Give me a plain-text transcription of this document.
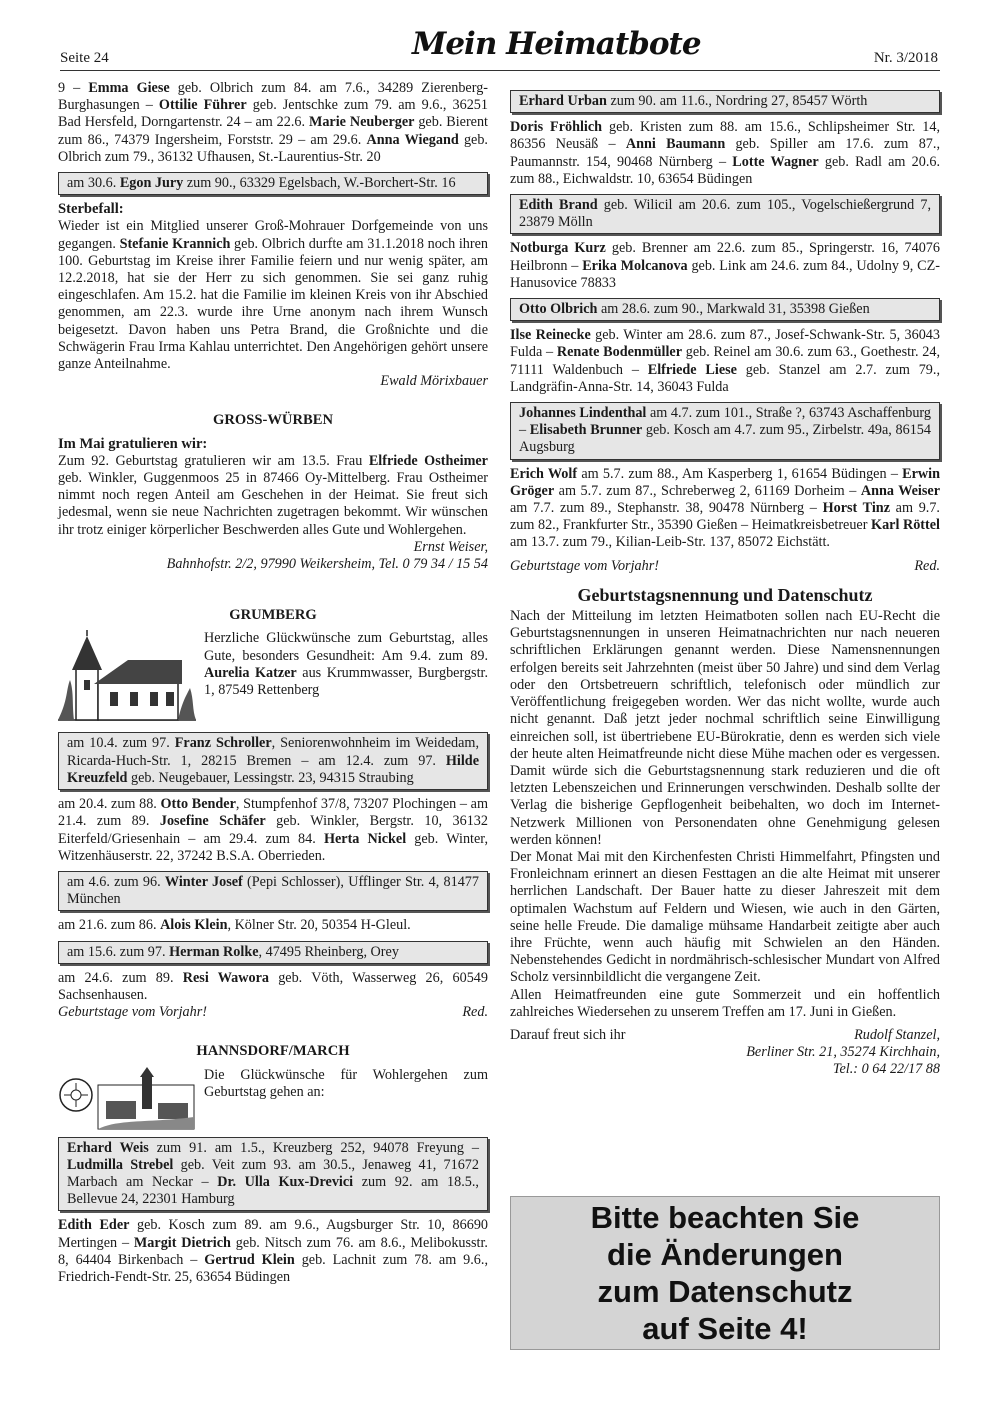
Seite 24	Mein Heimatbote	Nr. 3/2018

9 – Emma Giese geb. Olbrich zum 84. am 7.6., 34289 Zierenberg-Burghasungen – Ottilie Führer geb. Jentschke zum 79. am 9.6., 36251 Bad Hersfeld, Dorngartenstr. 24 – am 22.6. Marie Neuberger geb. Bierent zum 86., 74379 Ingersheim, Forststr. 29 – am 29.6. Anna Wiegand geb. Olbrich zum 79., 36132 Ufhausen, St.-Laurentius-Str. 20

am 30.6. Egon Jury zum 90., 63329 Egelsbach, W.-Borchert-Str. 16
Sterbefall:

Wieder ist ein Mitglied unserer Groß-Mohrauer Dorfgemeinde von uns gegangen. Stefanie Krannich geb. Olbrich durfte am 31.1.2018 noch ihren 100. Geburtstag im Kreise ihrer Familie feiern und nur wenig später, am 12.2.2018, hat sie der Herr zu sich genommen. Sie sei ganz ruhig eingeschlafen. Am 15.2. hat die Familie im kleinen Kreis von ihr Abschied genommen, am 22.3. wurde ihre Urne anonym nach ihrem Wunsch beigesetzt. Davon haben uns Petra Brand, die Großnichte und die Schwägerin Frau Irma Kahlau unterrichtet. Den Angehörigen gehört unsere ganze Anteilnahme.

Ewald Mörixbauer
GROSS-WÜRBEN
Im Mai gratulieren wir:

Zum 92. Geburtstag gratulieren wir am 13.5. Frau Elfriede Ostheimer geb. Winkler, Guggenmoos 25 in 87466 Oy-Mittelberg. Frau Ostheimer nimmt noch regen Anteil am Geschehen in der Heimat. Sie freut sich jedesmal, wenn sie neue Nachrichten zugetragen bekommt. Wir wünschen ihr trotz einiger körperlicher Beschwerden alles Gute und Wohlergehen.

Ernst Weiser,
Bahnhofstr. 2/2, 97990 Weikersheim, Tel. 0 79 34 / 15 54
GRUMBERG

Herzliche Glückwünsche zum Geburtstag, alles Gute, besonders Gesundheit: Am 9.4. zum 89. Aurelia Katzer aus Krummwasser, Burgbergstr. 1, 87549 Rettenberg

am 10.4. zum 97. Franz Schroller, Seniorenwohnheim im Weidedam, Ricarda-Huch-Str. 1, 28215 Bremen – am 12.4. zum 97. Hilde Kreuzfeld geb. Neugebauer, Lessingstr. 23, 94315 Straubing

am 20.4. zum 88. Otto Bender, Stumpfenhof 37/8, 73207 Plochingen – am 21.4. zum 89. Josefine Schäfer geb. Winkler, Bergstr. 10, 36132 Eiterfeld/Griesenhain – am 29.4. zum 84. Herta Nickel geb. Winter, Witzenhäuserstr. 22, 37242 B.S.A. Oberrieden.

am 4.6. zum 96. Winter Josef (Pepi Schlosser), Ufflinger Str. 4, 81477 München

am 21.6. zum 86. Alois Klein, Kölner Str. 20, 50354 H-Gleul.

am 15.6. zum 97. Herman Rolke, 47495 Rheinberg, Orey

am 24.6. zum 89. Resi Wawora geb. Vöth, Wasserweg 26, 60549 Sachsenhausen.

Geburtstage vom Vorjahr!	Red.
HANNSDORF/MARCH

Die Glückwünsche für Wohlergehen zum Geburtstag gehen an:

Erhard Weis zum 91. am 1.5., Kreuzberg 252, 94078 Freyung – Ludmilla Strebel geb. Veit zum 93. am 30.5., Jenaweg 41, 71672 Marbach am Neckar – Dr. Ulla Kux-Drevici zum 92. am 18.5., Bellevue 24, 22301 Hamburg

Edith Eder geb. Kosch zum 89. am 9.6., Augsburger Str. 10, 86690 Mertingen – Margit Dietrich geb. Nitsch zum 76. am 8.6., Melibokusstr. 8, 64404 Birkenbach – Gertrud Klein geb. Lachnit zum 78. am 9.6., Friedrich-Fendt-Str. 25, 63654 Büdingen

Erhard Urban zum 90. am 11.6., Nordring 27, 85457 Wörth

Doris Fröhlich geb. Kristen zum 88. am 15.6., Schlipsheimer Str. 14, 86356 Neusäß – Anni Baumann geb. Spiller am 17.6. zum 87., Paumannstr. 154, 90468 Nürnberg – Lotte Wagner geb. Radl am 20.6. zum 88., Eichwaldstr. 10, 63654 Büdingen

Edith Brand geb. Wilicil am 20.6. zum 105., Vogelschießergrund 7, 23879 Mölln

Notburga Kurz geb. Brenner am 22.6. zum 85., Springerstr. 16, 74076 Heilbronn – Erika Molcanova geb. Link am 24.6. zum 84., Udolny 9, CZ-Hanusovice 78833

Otto Olbrich am 28.6. zum 90., Markwald 31, 35398 Gießen

Ilse Reinecke geb. Winter am 28.6. zum 87., Josef-Schwank-Str. 5, 36043 Fulda – Renate Bodenmüller geb. Reinel am 30.6. zum 63., Goethestr. 24, 71111 Waldenbuch – Elfriede Liese geb. Stanzel am 2.7. zum 79., Landgräfin-Anna-Str. 14, 36043 Fulda

Johannes Lindenthal am 4.7. zum 101., Straße ?, 63743 Aschaffenburg – Elisabeth Brunner geb. Kosch am 4.7. zum 95., Zirbelstr. 49a, 86154 Augsburg

Erich Wolf am 5.7. zum 88., Am Kasperberg 1, 61654 Büdingen – Erwin Gröger am 5.7. zum 87., Schreberweg 2, 61169 Dorheim – Anna Weiser am 7.7. zum 89., Stephanstr. 38, 90478 Nürnberg – Horst Tinz am 9.7. zum 82., Frankfurter Str., 35390 Gießen – Heimatkreisbetreuer Karl Röttel am 13.7. zum 79., Kilian-Leib-Str. 137, 85072 Eichstätt.

Geburtstage vom Vorjahr!	Red.
Geburtstagsnennung und Datenschutz

Nach der Mitteilung im letzten Heimatboten sollen nach EU-Recht die Geburtstagsnennungen in unseren Heimatnachrichten nur nach neueren schriftlichen Erklärungen genannt werden. Diese Namensnennungen erfolgen bereits seit Jahrzehnten (meist über 50 Jahre) und sind dem Verlag oder den Ortsbetreuern schriftlich, telefonisch oder mündlich zur Veröffentlichung freigegeben worden. Wer das nicht wollte, wurde auch nicht genannt. Daß jetzt jeder nochmal schriftlich seine Einwilligung einreichen soll, ist übertriebene EU-Bürokratie, denn es werden sich viele der heute alten Heimatfreunde nicht diese Mühe machen oder es vergessen. Damit würde sich die Geburtstagsnennung stark reduzieren und die oft letzten Lebenszeichen und Erinnerungen verschwinden. Deshalb sollte der Verlag die bisherige Gepflogenheit beibehalten, wo doch im Internet-Netzwerk Millionen von Personendaten ohne Genehmigung gelesen werden können!

Der Monat Mai mit den Kirchenfesten Christi Himmelfahrt, Pfingsten und Fronleichnam erinnert an diesen Festtagen an die alte Heimat mit unserer herrlichen Landschaft. Der Bauer hatte zu dieser Jahreszeit mit dem optimalen Wachstum auf Feldern und Wiesen, wie auch in den Gärten, seine helle Freude. Die damalige mühsame Handarbeit zeitigte aber auch ihre Früchte, wenn auch häufig mit Schwielen an den Händen. Nebenstehendes Gedicht in nordmährisch-schlesischer Mundart von Alfred Scholz versinnbildlicht die vergangene Zeit.

Allen Heimatfreunden eine gute Sommerzeit und ein hoffentlich zahlreiches Wiedersehen zu unserem Treffen am 17. Juni in Gießen.

Darauf freut sich ihr	Rudolf Stanzel,
Berliner Str. 21, 35274 Kirchhain,
Tel.: 0 64 22/17 88
Bitte beachten Sie
die Änderungen
zum Datenschutz
auf Seite 4!
